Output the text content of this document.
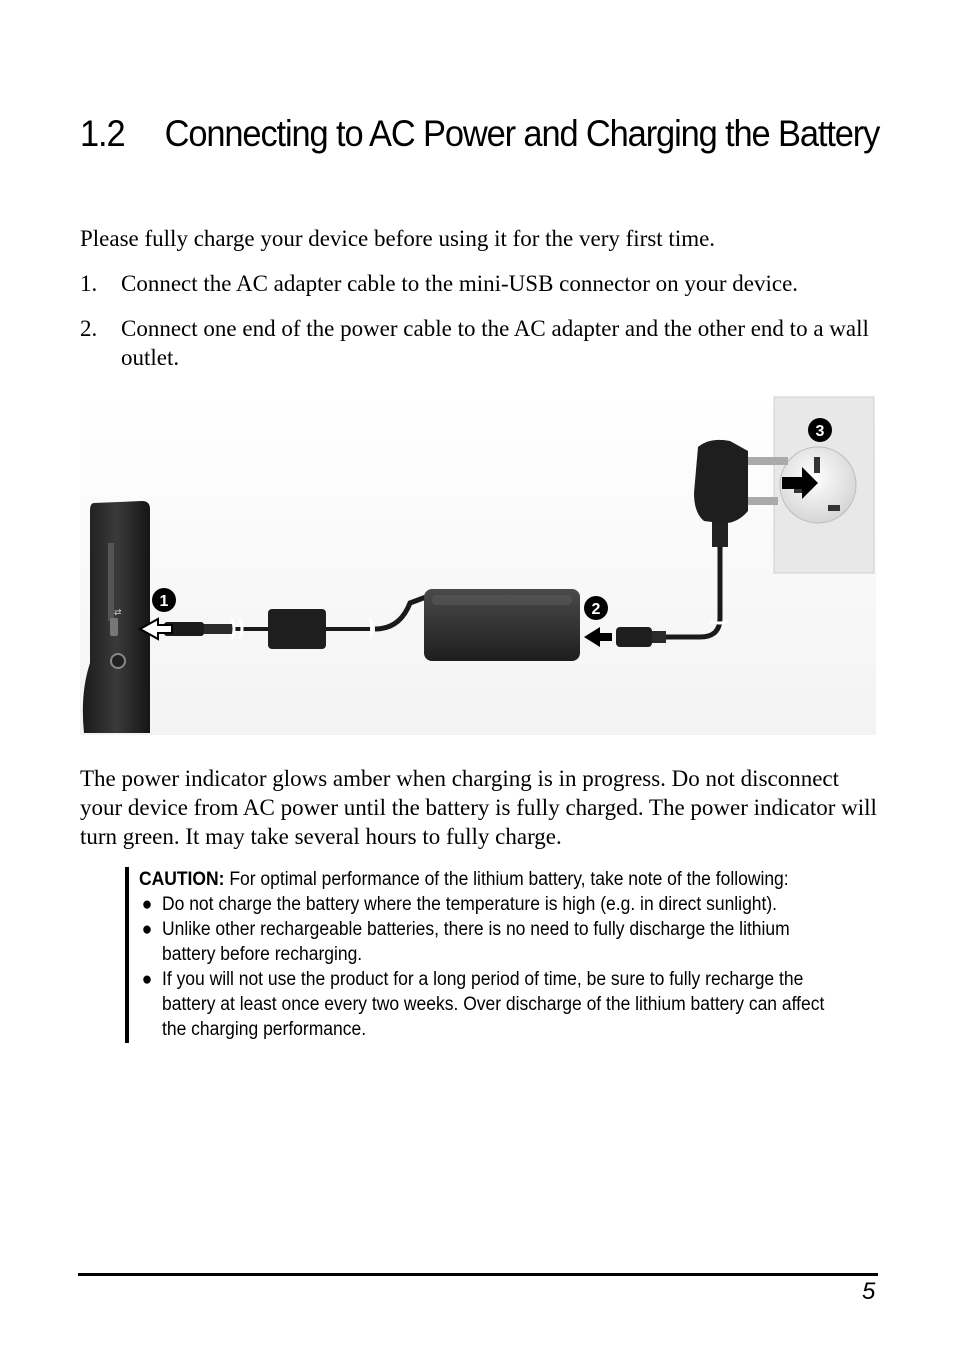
1.2 Connecting to AC Power and Charging the Battery
Please fully charge your device before using it for the very first time.
1. Connect the AC adapter cable to the mini-USB connector on your device.
2. Connect one end of the power cable to the AC adapter and the other end to a wall outlet.
⇄
1	2
3
The power indicator glows amber when charging is in progress. Do not disconnect your device from AC power until the battery is fully charged. The power indicator will turn green. It may take several hours to fully charge.

CAUTION: For optimal performance of the lithium battery, take note of the following:

● Do not charge the battery where the temperature is high (e.g. in direct sunlight).
● Unlike other rechargeable batteries, there is no need to fully discharge the lithium battery before recharging.
● If you will not use the product for a long period of time, be sure to fully recharge the battery at least once every two weeks. Over discharge of the lithium battery can affect the charging performance.
5
